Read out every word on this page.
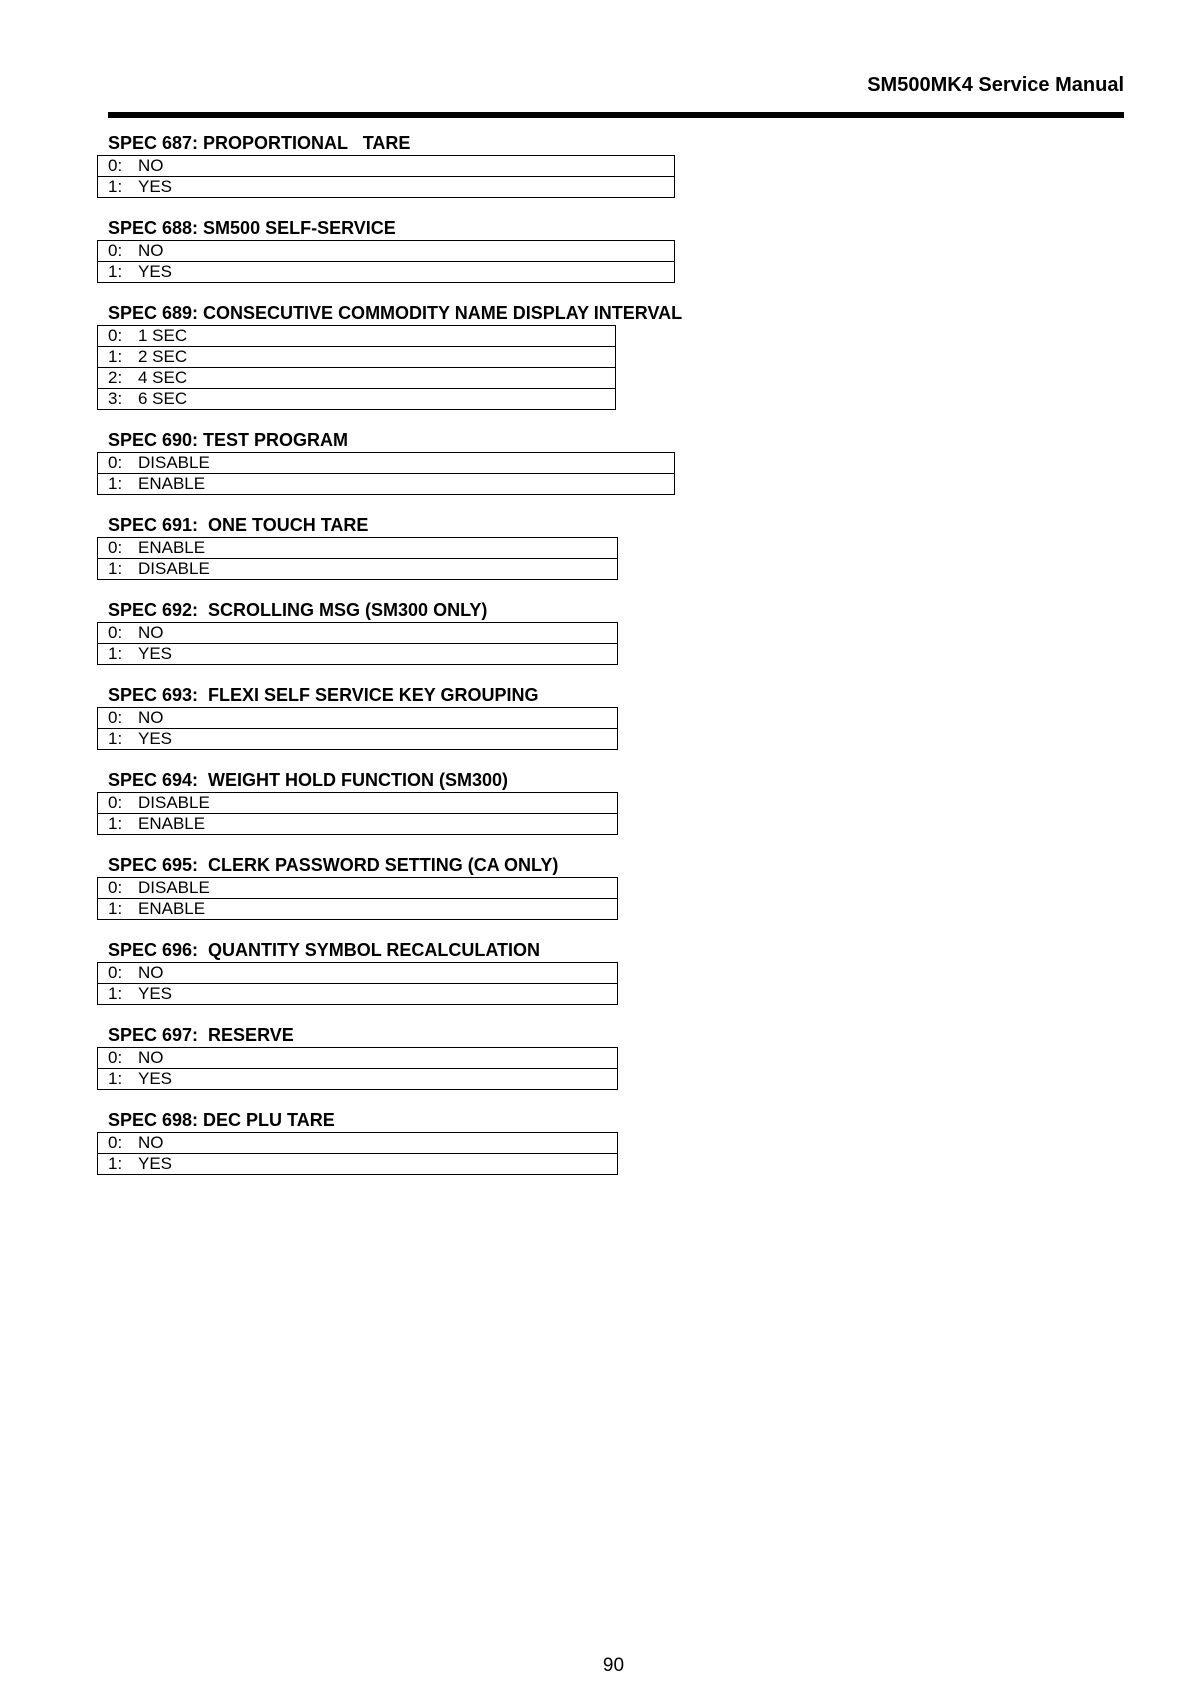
SM500MK4 Service Manual
SPEC 687: PROPORTIONAL   TARE
0: NO
1: YES
SPEC 688: SM500 SELF-SERVICE
0: NO
1: YES
SPEC 689: CONSECUTIVE COMMODITY NAME DISPLAY INTERVAL
0: 1 SEC
1: 2 SEC
2: 4 SEC
3: 6 SEC
SPEC 690: TEST PROGRAM
0: DISABLE
1: ENABLE
SPEC 691:  ONE TOUCH TARE
0: ENABLE
1: DISABLE
SPEC 692:  SCROLLING MSG (SM300 ONLY)
0: NO
1: YES
SPEC 693:  FLEXI SELF SERVICE KEY GROUPING
0: NO
1: YES
SPEC 694:  WEIGHT HOLD FUNCTION (SM300)
0: DISABLE
1: ENABLE
SPEC 695:  CLERK PASSWORD SETTING (CA ONLY)
0: DISABLE
1: ENABLE
SPEC 696:  QUANTITY SYMBOL RECALCULATION
0: NO
1: YES
SPEC 697:  RESERVE
0: NO
1: YES
SPEC 698: DEC PLU TARE
0: NO
1: YES
90
